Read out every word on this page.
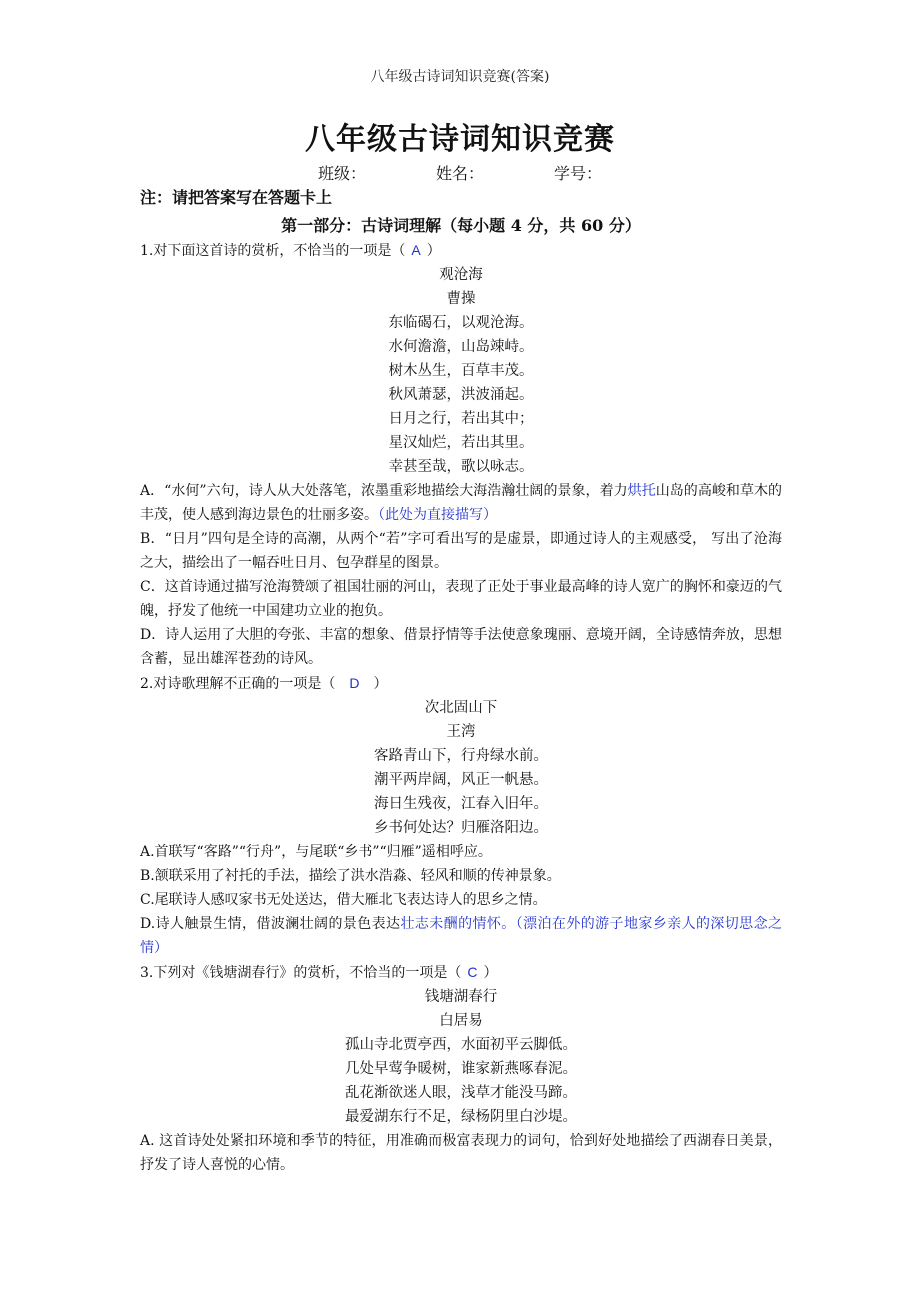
八年级古诗词知识竞赛(答案)
八年级古诗词知识竞赛
班级：	姓名：	学号：
注：请把答案写在答题卡上
第一部分：古诗词理解（每小题 4 分，共 60 分）
1.对下面这首诗的赏析，不恰当的一项是（ A ）
观沧海
曹操
东临碣石，以观沧海。
水何澹澹，山岛竦峙。
树木丛生，百草丰茂。
秋风萧瑟，洪波涌起。
日月之行，若出其中；
星汉灿烂，若出其里。
幸甚至哉，歌以咏志。
A．“水何”六句，诗人从大处落笔，浓墨重彩地描绘大海浩瀚壮阔的景象，着力烘托山岛的高峻和草木的丰茂，使人感到海边景色的壮丽多姿。（此处为直接描写）
B．“日月”四句是全诗的高潮，从两个“若”字可看出写的是虚景，即通过诗人的主观感受， 写出了沧海之大，描绘出了一幅吞吐日月、包孕群星的图景。
C．这首诗通过描写沧海赞颂了祖国壮丽的河山，表现了正处于事业最高峰的诗人宽广的胸怀和豪迈的气魄，抒发了他统一中国建功立业的抱负。
D．诗人运用了大胆的夸张、丰富的想象、借景抒情等手法使意象瑰丽、意境开阔，全诗感情奔放，思想含蓄，显出雄浑苍劲的诗风。
2.对诗歌理解不正确的一项是（ D ）
次北固山下
王湾
客路青山下，行舟绿水前。
潮平两岸阔，风正一帆悬。
海日生残夜，江春入旧年。
乡书何处达？归雁洛阳边。
A.首联写“客路”“行舟”，与尾联“乡书”“归雁”遥相呼应。
B.颔联采用了衬托的手法，描绘了洪水浩淼、轻风和顺的传神景象。
C.尾联诗人感叹家书无处送达，借大雁北飞表达诗人的思乡之情。
D.诗人触景生情，借波澜壮阔的景色表达壮志未酬的情怀。（漂泊在外的游子地家乡亲人的深切思念之情）
3.下列对《钱塘湖春行》的赏析，不恰当的一项是（ C ）
钱塘湖春行
白居易
孤山寺北贾亭西，水面初平云脚低。
几处早莺争暖树，谁家新燕啄春泥。
乱花渐欲迷人眼，浅草才能没马蹄。
最爱湖东行不足，绿杨阴里白沙堤。
A. 这首诗处处紧扣环境和季节的特征，用准确而极富表现力的词句，恰到好处地描绘了西湖春日美景，抒发了诗人喜悦的心情。
